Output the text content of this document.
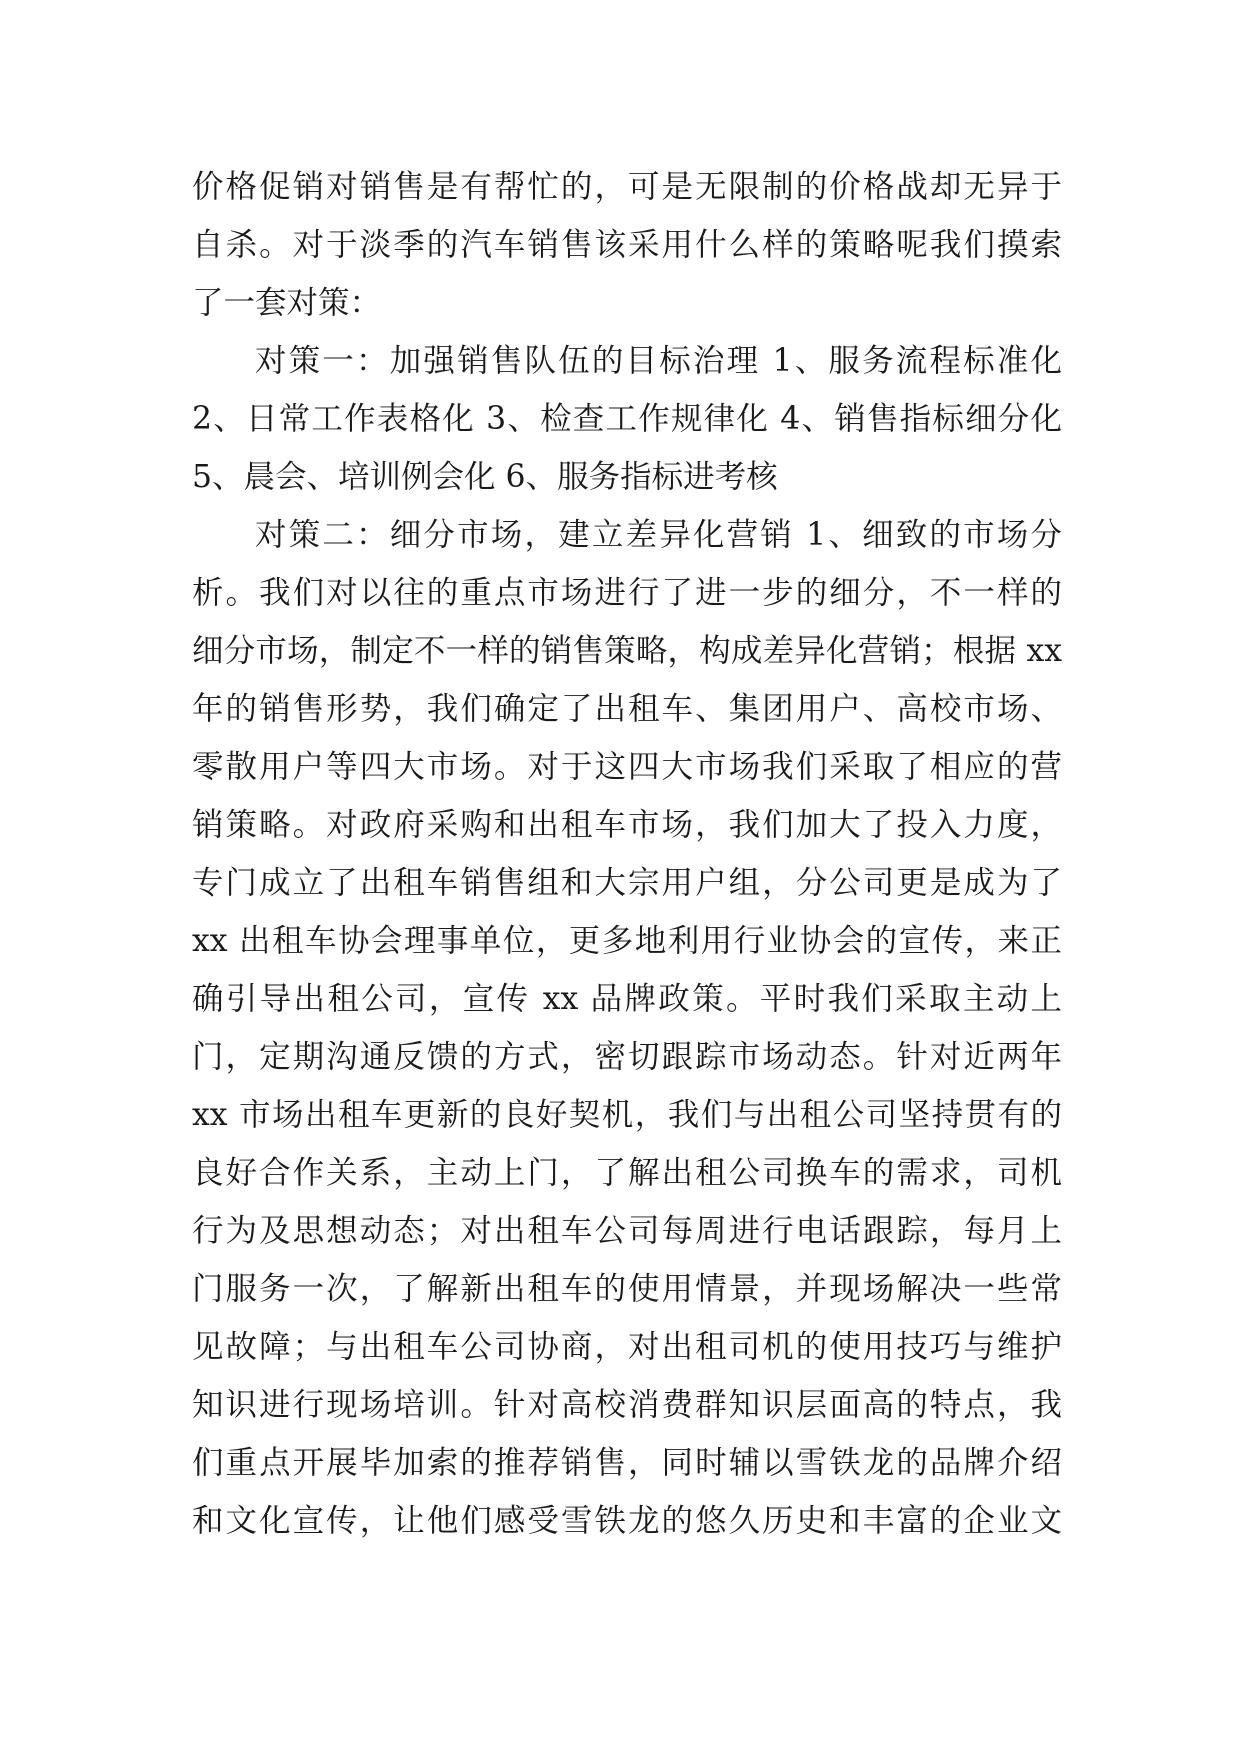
价格促销对销售是有帮忙的，可是无限制的价格战却无异于
自杀。对于淡季的汽车销售该采用什么样的策略呢我们摸索
了一套对策：
对策一：加强销售队伍的目标治理 1、服务流程标准化
2、日常工作表格化 3、检查工作规律化 4、销售指标细分化
5、晨会、培训例会化 6、服务指标进考核
对策二：细分市场，建立差异化营销 1、细致的市场分
析。我们对以往的重点市场进行了进一步的细分，不一样的
细分市场，制定不一样的销售策略，构成差异化营销；根据 xx
年的销售形势，我们确定了出租车、集团用户、高校市场、
零散用户等四大市场。对于这四大市场我们采取了相应的营
销策略。对政府采购和出租车市场，我们加大了投入力度，
专门成立了出租车销售组和大宗用户组，分公司更是成为了
xx 出租车协会理事单位，更多地利用行业协会的宣传，来正
确引导出租公司，宣传 xx 品牌政策。平时我们采取主动上
门，定期沟通反馈的方式，密切跟踪市场动态。针对近两年
xx 市场出租车更新的良好契机，我们与出租公司坚持贯有的
良好合作关系，主动上门，了解出租公司换车的需求，司机
行为及思想动态；对出租车公司每周进行电话跟踪，每月上
门服务一次，了解新出租车的使用情景，并现场解决一些常
见故障；与出租车公司协商，对出租司机的使用技巧与维护
知识进行现场培训。针对高校消费群知识层面高的特点，我
们重点开展毕加索的推荐销售，同时辅以雪铁龙的品牌介绍
和文化宣传，让他们感受雪铁龙的悠久历史和丰富的企业文
